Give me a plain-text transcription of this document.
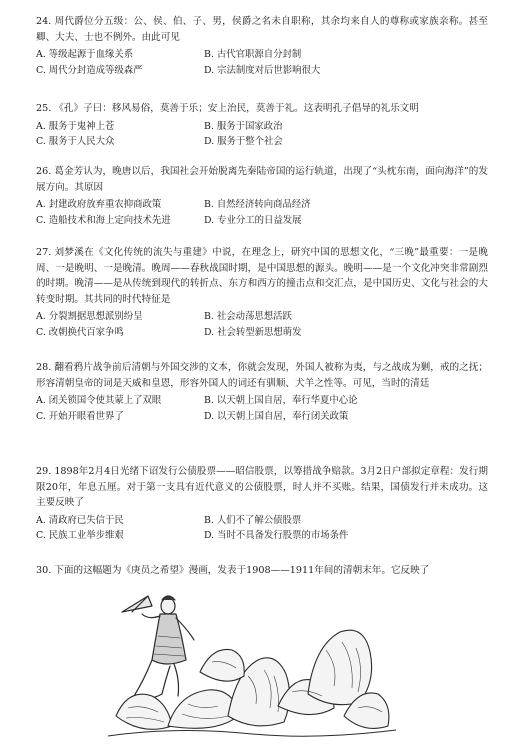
24. 周代爵位分五级：公、侯、伯、子、男，侯爵之名未自职称，其余均来自人的尊称或家族亲称。甚至卿、大夫、士也不例外。由此可见

A. 等级起源于血缘关系	B. 古代官职源自分封制
C. 周代分封造成等级森严	D. 宗法制度对后世影响很大

25. 《孔》子曰：移风易俗，莫善于乐；安上治民，莫善于礼。这表明孔子倡导的礼乐文明

A. 服务于鬼神上苍	B. 服务于国家政治
C. 服务于人民大众	D. 服务于整个社会

26. 葛金芳认为，晚唐以后，我国社会开始脱离先秦陆帝国的运行轨道，出现了“头枕东南，面向海洋”的发展方向。其原因

A. 封建政府放弃重农抑商政策	B. 自然经济转向商品经济
C. 造船技术和海上定向技术先进	D. 专业分工的日益发展

27. 刘梦溪在《文化传统的流失与重建》中说，在理念上，研究中国的思想文化，“三晚”最重要：一是晚周、一是晚明、一是晚清。晚周——春秋战国时期，是中国思想的源头。晚明——是一个文化冲突非常剧烈的时期。晚清——是从传统到现代的转折点、东方和西方的撞击点和交汇点，是中国历史、文化与社会的大转变时期。其共同的时代特征是

A. 分裂割据思想派别纷呈	B. 社会动荡思想活跃
C. 改朝换代百家争鸣	D. 社会转型新思想萌发

28. 翻看鸦片战争前后清朝与外国交涉的文本，你就会发现，外国人被称为夷，与之战成为剿，戒的之抚；形容清朝皇帝的词是天威和皇恩，形容外国人的词还有驯顺、犬羊之性等。可见，当时的清廷

A. 闭关锁国令使其蒙上了双眼	B. 以天朝上国自居，奉行华夏中心论
C. 开始开眼看世界了	D. 以天朝上国自居，奉行闭关政策

29. 1898年2月4日光绪下诏发行公债股票——昭信股票，以筹措战争赔款。3月2日户部拟定章程：发行期限20年，年息五厘。对于第一支具有近代意义的公债股票，时人并不买账。结果，国债发行并未成功。这主要反映了

A. 清政府已失信于民	B. 人们不了解公债股票
C. 民族工业举步维艰	D. 当时不具备发行股票的市场条件

30. 下面的这幅题为《庚员之希望》漫画，发表于1908——1911年间的清朝末年。它反映了
